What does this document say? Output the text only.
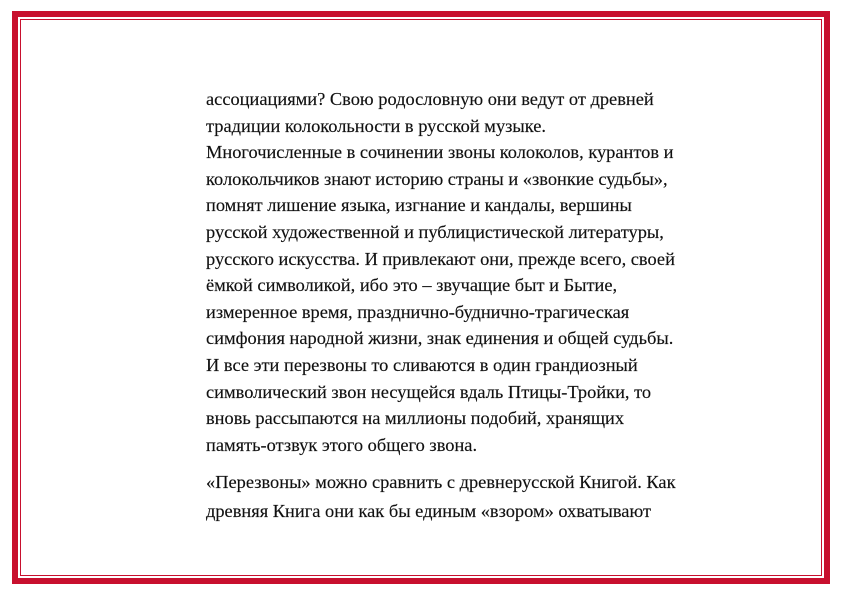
ассоциациями? Свою родословную они ведут от древней
традиции колокольности в русской музыке.
Многочисленные в сочинении звоны колоколов, курантов и
колокольчиков знают историю страны и «звонкие судьбы»,
помнят лишение языка, изгнание и кандалы, вершины
русской художественной и публицистической литературы,
русского искусства. И привлекают они, прежде всего, своей
ёмкой символикой, ибо это – звучащие быт и Бытие,
измеренное время, празднично-буднично-трагическая
симфония народной жизни, знак единения и общей судьбы.
И все эти перезвоны то сливаются в один грандиозный
символический звон несущейся вдаль Птицы-Тройки, то
вновь рассыпаются на миллионы подобий, хранящих
память-отзвук этого общего звона.

«Перезвоны» можно сравнить с древнерусской Книгой. Как
древняя Книга они как бы единым «взором» охватывают
